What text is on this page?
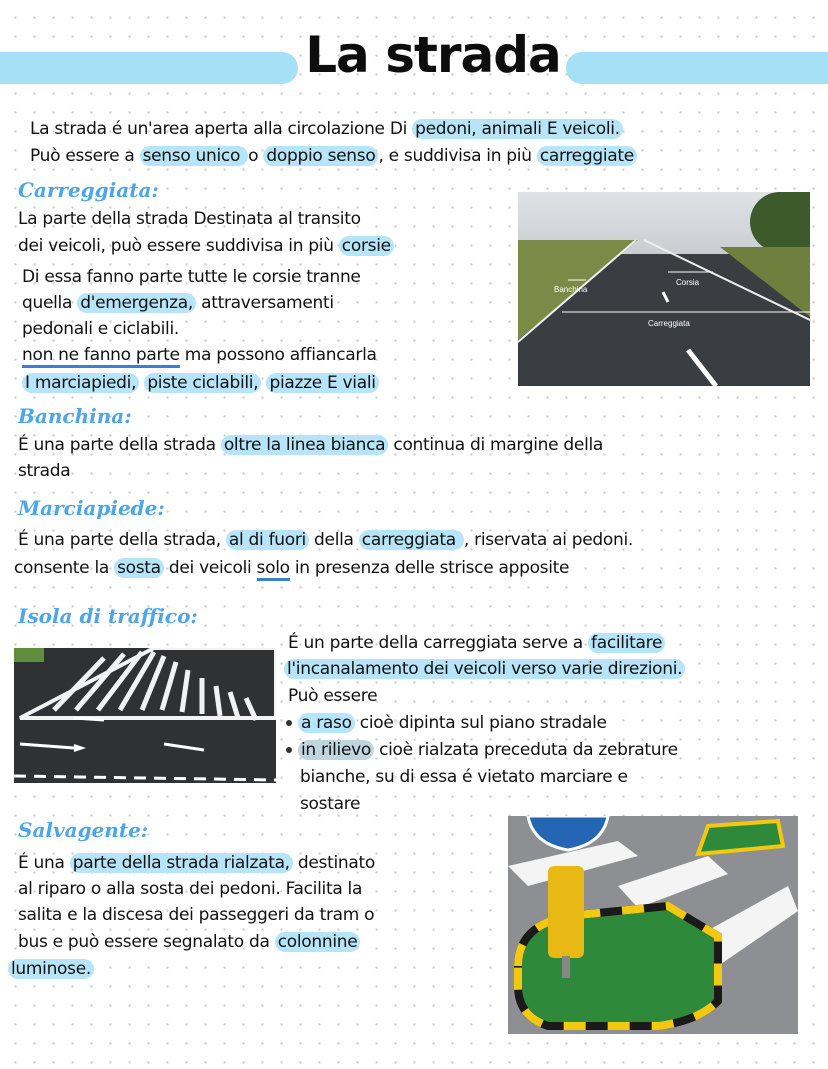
La strada
La strada é un'area aperta alla circolazione Di pedoni, animali E veicoli.
Può essere a senso unico o doppio senso , e suddivisa in più carreggiate
Carreggiata:
La parte della strada Destinata al transito
dei veicoli, può essere suddivisa in più corsie
Di essa fanno parte tutte le corsie tranne
quella d'emergenza, attraversamenti
pedonali e ciclabili.
non ne fanno parte ma possono affiancarla
I marciapiedi, piste ciclabili, piazze E viali
Banchina
Corsia
Carreggiata
Banchina:
É una parte della strada oltre la linea bianca continua di margine della
strada
Marciapiede:
É una parte della strada, al di fuori della carreggiata , riservata ai pedoni.
consente la sosta dei veicoli solo in presenza delle strisce apposite
Isola di traffico:
É un parte della carreggiata serve a facilitare
l'incanalamento dei veicoli verso varie direzioni.
Può essere
a raso cioè dipinta sul piano stradale
in rilievo cioè rialzata preceduta da zebrature
bianche, su di essa é vietato marciare e
sostare
Salvagente:
É una parte della strada rialzata, destinato
al riparo o alla sosta dei pedoni. Facilita la
salita e la discesa dei passeggeri da tram o
bus e può essere segnalato da colonnine
luminose.
